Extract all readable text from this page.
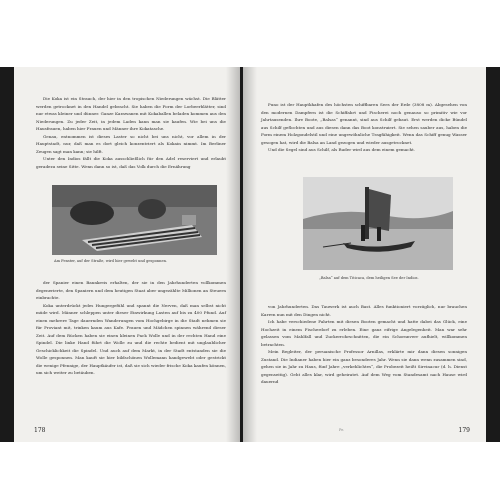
Die Koka ist ein Strauch, der hier in den tropischen Niederungen wächst. Die Blätter werden getrocknet in den Handel gebracht. Sie haben die Form der Lorbeerblätter, sind nur etwas kleiner und dünner. Ganze Karawanen mit Kokaballen beladen kommen aus den Niederungen. Zu jeder Zeit, in jedem Laden kann man sie kaufen. Wie bei uns die Hausfrauen, haben hier Frauen und Männer ihre Kokatasche.

Genau, entnommen ist dieses Laster so nicht bei uns nicht, vor allem in der Hauptstadt, nur, daß man es dort gleich konzentriert als Kokain nimmt. Im Berliner Zeugen sagt man kann; sie hilft.

Unter den Indios fällt die Koka ausschließlich für den Adel reserviert und erlaubt geradezu seine Sitte. Wenn dann so ist, daß das Volk durch die Ernährung

Am Fenster, auf der Straße, wird hier gewebt und gesponnen.

der Spanier einen Bannkreis erhalten, der sie in den Jahrhunderten vollkommen degenerierte, den Spaniern und dem heutigen Staat aber ungezählte Millionen an Steuern einbrachte.

Koka unterdrückt jedes Hungergefühl und spannt die Nerven, daß man selbst nicht müde wird. Männer schleppen unter dieser Einwirkung Lasten auf bis zu 400 Pfund. Auf einen mehrere Tage dauernden Wanderungen vom Hochgebirge in die Stadt nehmen sie für Proviant mit, trinken kaum aus Kafe. Frauen und Mädchen spinnen während dieser Zeit. Auf dem Rücken haben sie einen kleinen Pack Wolle und in der rechten Hand eine Spindel. Die linke Hand führt die Wolle zu und die rechte bedient mit unglaublicher Geschicklichkeit die Spindel. Und auch auf dem Markt, in der Stadt entstanden sie die Wolle gesponnen. Man kauft sie hier bildschönen Wollemann handgewebt oder gestrickt die wenige Pfennige, der Hauptkäufer ist, daß sie sich wieder frische Koka kaufen können, um sich weiter zu betäuben.

178

Puno ist der Hauptkhafen des höchsten schiffbaren Sees der Erde (3808 m). Abgesehen von den modernen Dampfern ist die Schiffahrt und Fischerei noch genauso so primitiv wie vor Jahrtausenden. Ihre Boote, „Balsas“ genannt, sind aus Schilf gebaut. Erst werden dicke Bündel aus Schilf geflochten und aus diesen dann das Boot konstruiert. Sie sehen sauber aus, haben die Form einem Holzgondelstil und eine ungewöhnliche Tragfähigkeit. Wenn das Schiff genug Wasser gesogen hat, wird die Balsa an Land gezogen und wieder ausgetrocknet.

Und die Segel sind aus Schilf, als Ruder wird aus dem einem gemacht.

„Balsa“ auf dem Titicaca, dem heiligen See der Indios.

von Jahrhunderten. Das Tauwerk ist auch Bast. Alles funktioniert vorzüglich, nur brauchen Karren nun mit den Dingen nicht.

Ich habe verschiedene Fahrten mit diesen Booten gemacht und hatte dabei das Glück, eine Hochzeit in einem Fischerdorf zu erleben. Eine ganz eifrige Angelegenheit. Man war sehr gelassen vom Mahlfall und Zuckerrohrschnitten, die ein Schornnverr aufhielt, willkommen betrachten.

Mein Begleiter, der peruanische Professor Arnillas, erklärte mir dann diesen sonnigen Zustand. Die Indianer haben hier ein ganz besonderes Jahr. Wenn sie dann wenn zusammen sind, gehen sie in Jahr zu Haus, fünf Jahre „verkehlichtes“, die Probezeit heißt Sirvinacur (d. h. Dienst gegenseitig). Geht alles klar, wird geheiratet. Auf dem Weg vom Standesamt nach Hause wird dauernd

Pe.	179
